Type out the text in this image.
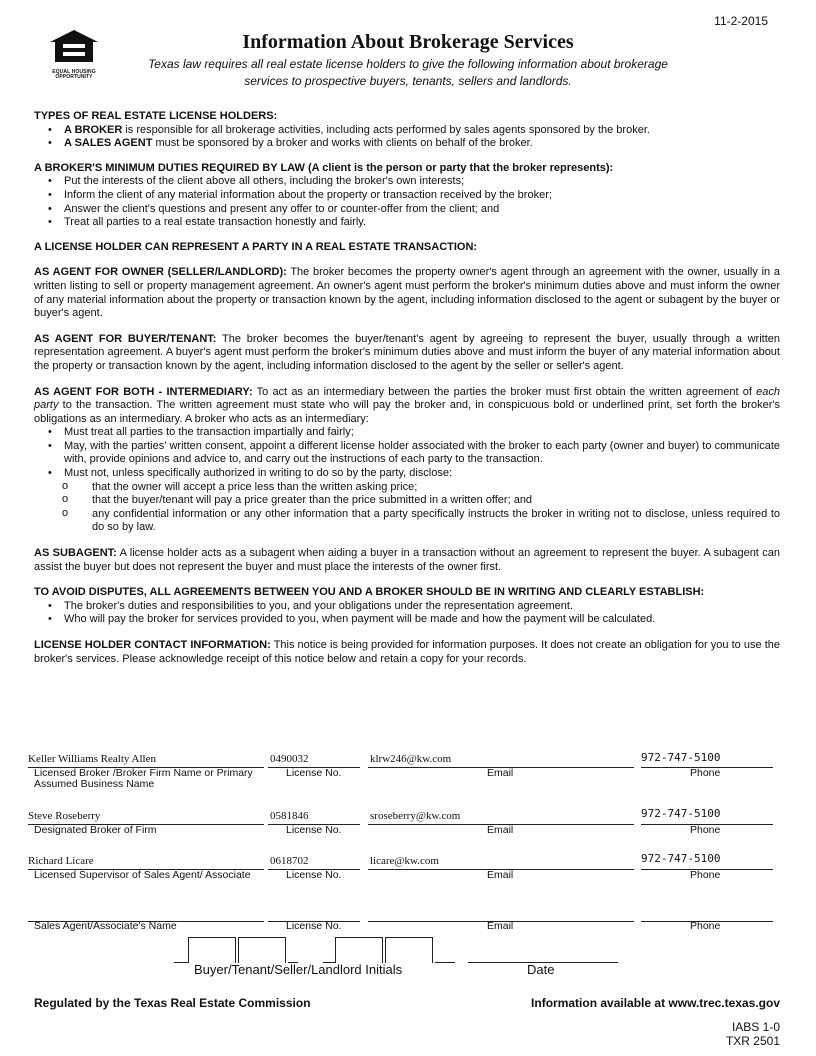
11-2-2015
EQUAL HOUSING OPPORTUNITY
Information About Brokerage Services
Texas law requires all real estate license holders to give the following information about brokerage services to prospective buyers, tenants, sellers and landlords.

TYPES OF REAL ESTATE LICENSE HOLDERS:

• A BROKER is responsible for all brokerage activities, including acts performed by sales agents sponsored by the broker.
• A SALES AGENT must be sponsored by a broker and works with clients on behalf of the broker.

A BROKER'S MINIMUM DUTIES REQUIRED BY LAW (A client is the person or party that the broker represents):

• Put the interests of the client above all others, including the broker's own interests;
• Inform the client of any material information about the property or transaction received by the broker;
• Answer the client's questions and present any offer to or counter-offer from the client; and
• Treat all parties to a real estate transaction honestly and fairly.

A LICENSE HOLDER CAN REPRESENT A PARTY IN A REAL ESTATE TRANSACTION:

AS AGENT FOR OWNER (SELLER/LANDLORD): The broker becomes the property owner's agent through an agreement with the owner, usually in a written listing to sell or property management agreement. An owner's agent must perform the broker's minimum duties above and must inform the owner of any material information about the property or transaction known by the agent, including information disclosed to the agent or subagent by the buyer or buyer's agent.

AS AGENT FOR BUYER/TENANT: The broker becomes the buyer/tenant's agent by agreeing to represent the buyer, usually through a written representation agreement. A buyer's agent must perform the broker's minimum duties above and must inform the buyer of any material information about the property or transaction known by the agent, including information disclosed to the agent by the seller or seller's agent.

AS AGENT FOR BOTH - INTERMEDIARY: To act as an intermediary between the parties the broker must first obtain the written agreement of each party to the transaction. The written agreement must state who will pay the broker and, in conspicuous bold or underlined print, set forth the broker's obligations as an intermediary. A broker who acts as an intermediary:

• Must treat all parties to the transaction impartially and fairly;
• May, with the parties' written consent, appoint a different license holder associated with the broker to each party (owner and buyer) to communicate with, provide opinions and advice to, and carry out the instructions of each party to the transaction.
• Must not, unless specifically authorized in writing to do so by the party, disclose:
o that the owner will accept a price less than the written asking price;
o that the buyer/tenant will pay a price greater than the price submitted in a written offer; and
o any confidential information or any other information that a party specifically instructs the broker in writing not to disclose, unless required to do so by law.

AS SUBAGENT: A license holder acts as a subagent when aiding a buyer in a transaction without an agreement to represent the buyer. A subagent can assist the buyer but does not represent the buyer and must place the interests of the owner first.

TO AVOID DISPUTES, ALL AGREEMENTS BETWEEN YOU AND A BROKER SHOULD BE IN WRITING AND CLEARLY ESTABLISH:

• The broker's duties and responsibilities to you, and your obligations under the representation agreement.
• Who will pay the broker for services provided to you, when payment will be made and how the payment will be calculated.

LICENSE HOLDER CONTACT INFORMATION: This notice is being provided for information purposes. It does not create an obligation for you to use the broker's services. Please acknowledge receipt of this notice below and retain a copy for your records.

Keller Williams Realty Allen	0490032	klrw246@kw.com	972-747-5100
Licensed Broker /Broker Firm Name or Primary Assumed Business Name
License No.	Email	Phone
Steve Roseberry	0581846	sroseberry@kw.com	972-747-5100
Designated Broker of Firm	License No.	Email	Phone
Richard Licare	0618702	licare@kw.com	972-747-5100
Licensed Supervisor of Sales Agent/ Associate	License No.	Email	Phone
Sales Agent/Associate's Name	License No.	Email	Phone
Buyer/Tenant/Seller/Landlord Initials	Date
Regulated by the Texas Real Estate Commission	Information available at www.trec.texas.gov
IABS 1-0
TXR 2501
